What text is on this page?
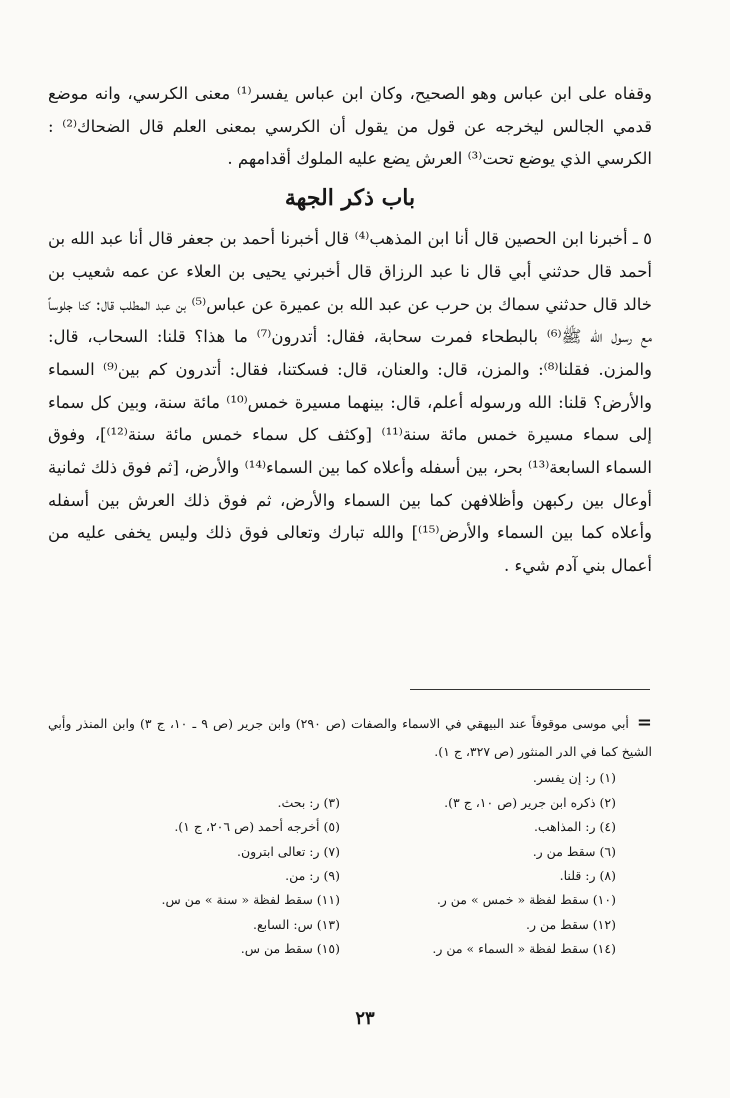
وقفاه على ابن عباس وهو الصحيح، وكان ابن عباس يفسر⁽¹⁾ معنى الكرسي، وانه موضع قدمي الجالس ليخرجه عن قول من يقول أن الكرسي بمعنى العلم قال الضحاك⁽²⁾ : الكرسي الذي يوضع تحت⁽³⁾ العرش يضع عليه الملوك أقدامهم .

باب ذكر الجهة

٥ ـ أخبرنا ابن الحصين قال أنا ابن المذهب⁽⁴⁾ قال أخبرنا أحمد بن جعفر قال أنا عبد الله بن أحمد قال حدثني أبي قال نا عبد الرزاق قال أخبرني يحيى بن العلاء عن عمه شعيب بن خالد قال حدثني سماك بن حرب عن عبد الله بن عميرة عن عباس⁽⁵⁾ بن عبد المطلب قال: كنا جلوساً مع رسول الله ﷺ⁽⁶⁾ بالبطحاء فمرت سحابة، فقال: أتدرون⁽⁷⁾ ما هذا؟ قلنا: السحاب، قال: والمزن. فقلنا⁽⁸⁾: والمزن، قال: والعنان، قال: فسكتنا، فقال: أتدرون كم بين⁽⁹⁾ السماء والأرض؟ قلنا: الله ورسوله أعلم، قال: بينهما مسيرة خمس⁽¹⁰⁾ مائة سنة، وبين كل سماء إلى سماء مسيرة خمس مائة سنة⁽¹¹⁾ [وكثف كل سماء خمس مائة سنة⁽¹²⁾]، وفوق السماء السابعة⁽¹³⁾ بحر، بين أسفله وأعلاه كما بين السماء⁽¹⁴⁾ والأرض، [ثم فوق ذلك ثمانية أوعال بين ركبهن وأظلافهن كما بين السماء والأرض، ثم فوق ذلك العرش بين أسفله وأعلاه كما بين السماء والأرض⁽¹⁵⁾] والله تبارك وتعالى فوق ذلك وليس يخفى عليه من أعمال بني آدم شيء .

=أبي موسى موقوفاً عند البيهقي في الاسماء والصفات (ص ٢٩٠) وابن جرير (ص ٩ ـ ١٠، ج ٣) وابن المنذر وأبي الشيخ كما في الدر المنثور (ص ٣٢٧، ج ١).

(١) ر: إن يفسر.
(٢) ذكره ابن جرير (ص ١٠، ج ٣).
(٣) ر: بحث.
(٤) ر: المذاهب.
(٥) أخرجه أحمد (ص ٢٠٦، ج ١).
(٦) سقط من ر.
(٧) ر: تعالى ابترون.
(٨) ر: قلنا.
(٩) ر: من.
(١٠) سقط لفظة « خمس » من ر.
(١١) سقط لفظة « سنة » من س.
(١٢) سقط من ر.
(١٣) س: السابع.
(١٤) سقط لفظة « السماء » من ر.
(١٥) سقط من س.
٢٣
